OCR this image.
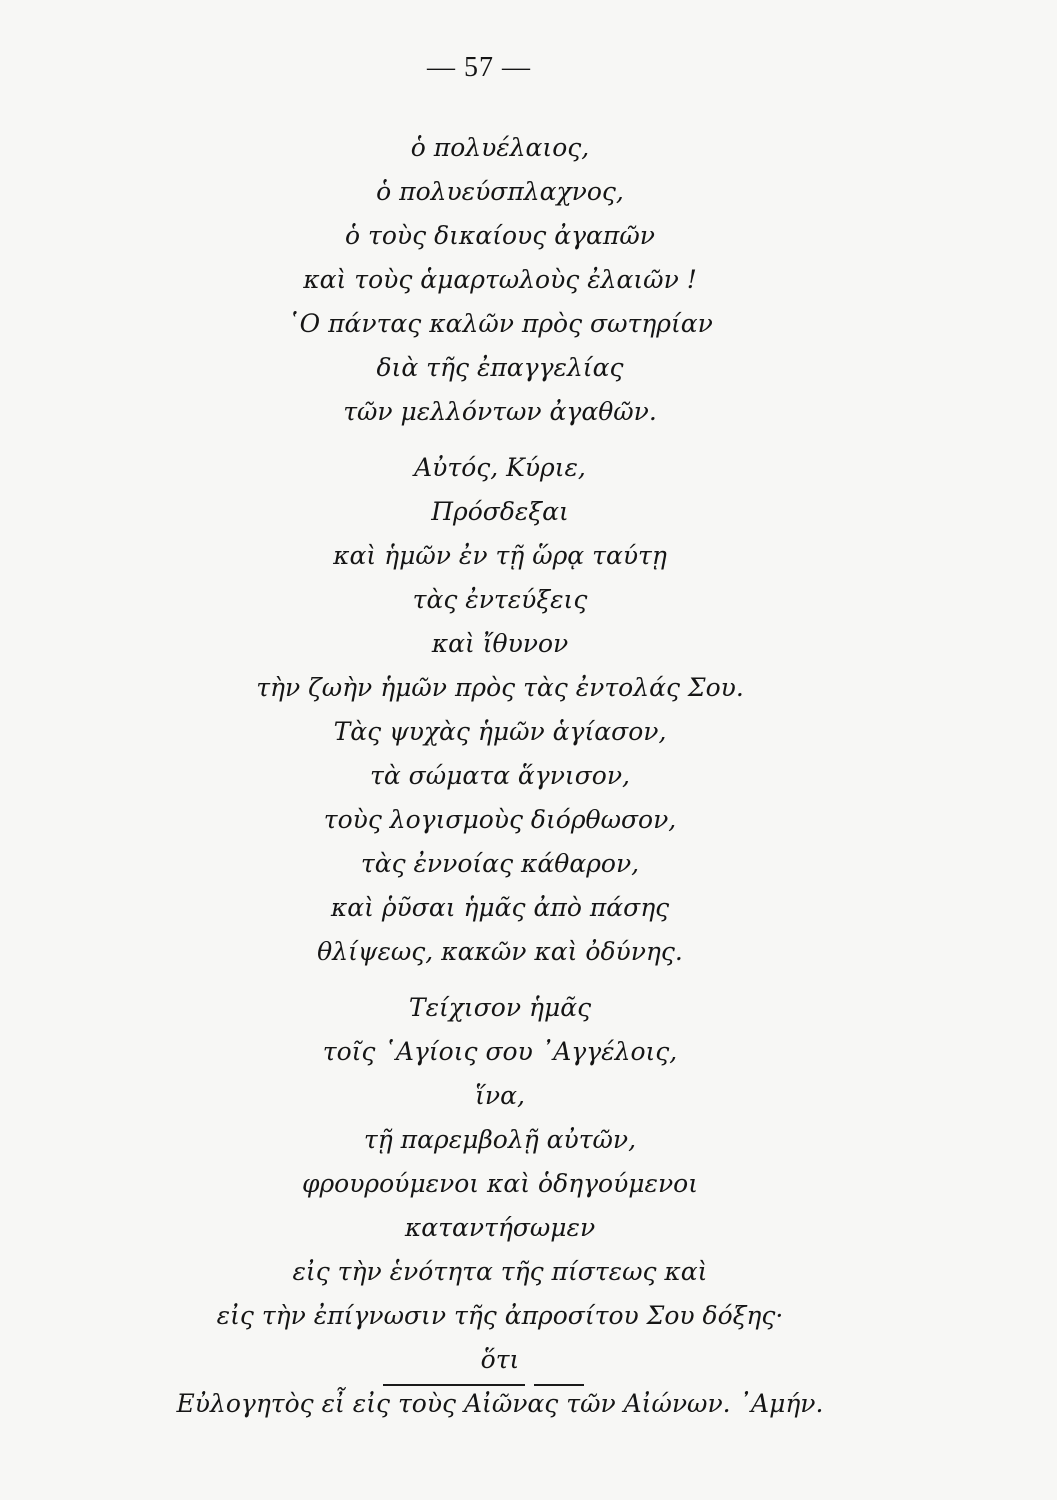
— 57 —
ὁ πολυέλαιος,
ὁ πολυεύσπλαχνος,
ὁ τοὺς δικαίους ἀγαπῶν
καὶ τοὺς ἁμαρτωλοὺς ἐλαιῶν !
῾Ο πάντας καλῶν πρὸς σωτηρίαν
διὰ τῆς ἐπαγγελίας
τῶν μελλόντων ἀγαθῶν.
Αὐτός, Κύριε,
Πρόσδεξαι
καὶ ἡμῶν ἐν τῇ ὥρᾳ ταύτῃ
τὰς ἐντεύξεις
καὶ ἴθυνον
τὴν ζωὴν ἡμῶν πρὸς τὰς ἐντολάς Σου.
Τὰς ψυχὰς ἡμῶν ἁγίασον,
τὰ σώματα ἅγνισον,
τοὺς λογισμοὺς διόρθωσον,
τὰς ἐννοίας κάθαρον,
καὶ ῥῦσαι ἡμᾶς ἀπὸ πάσης
θλίψεως, κακῶν καὶ ὀδύνης.
Τείχισον ἡμᾶς
τοῖς ῾Αγίοις σου ᾿Αγγέλοις,
ἵνα,
τῇ παρεμβολῇ αὐτῶν,
φρουρούμενοι καὶ ὁδηγούμενοι
καταντήσωμεν
εἰς τὴν ἑνότητα τῆς πίστεως καὶ
εἰς τὴν ἐπίγνωσιν τῆς ἀπροσίτου Σου δόξης·
ὅτι
Εὐλογητὸς εἶ εἰς τοὺς Αἰῶνας τῶν Αἰώνων. ᾿Αμήν.
